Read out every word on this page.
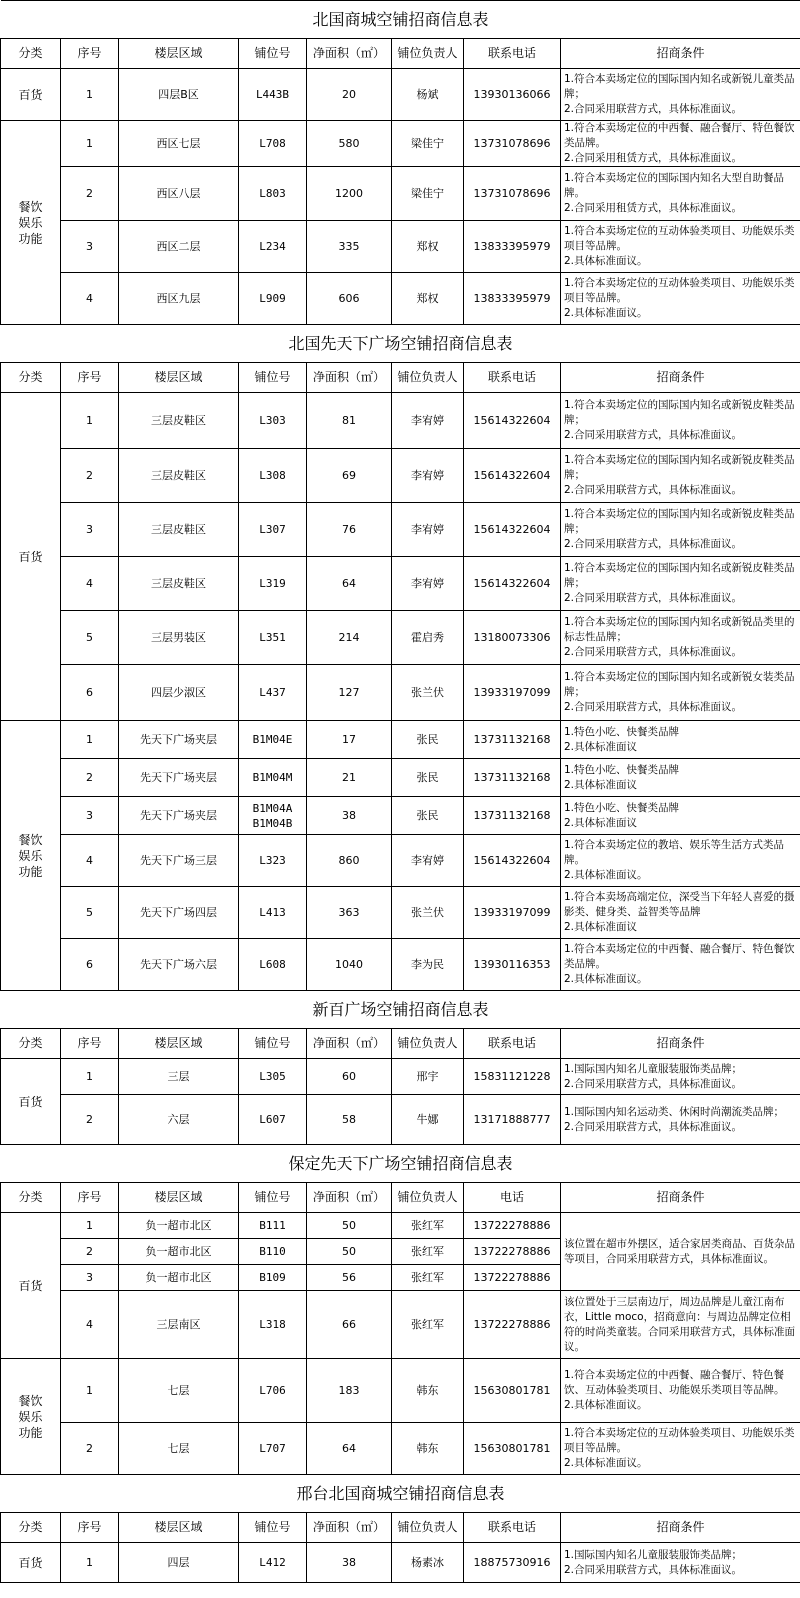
北国商城空铺招商信息表							
分类	序号	楼层区域	铺位号	净面积（㎡）	铺位负责人	联系电话	招商条件
百货	1	四层B区	L443B	20	杨斌	13930136066	1.符合本卖场定位的国际国内知名或新锐儿童类品牌；
2.合同采用联营方式，具体标准面议。
餐饮
娱乐
功能	1	西区七层	L708	580	梁佳宁	13731078696	1.符合本卖场定位的中西餐、融合餐厅、特色餐饮类品牌。
2.合同采用租赁方式，具体标准面议。
	2	西区八层	L803	1200	梁佳宁	13731078696	1.符合本卖场定位的国际国内知名大型自助餐品牌。
2.合同采用租赁方式，具体标准面议。
	3	西区二层	L234	335	郑权	13833395979	1.符合本卖场定位的互动体验类项目、功能娱乐类项目等品牌。
2.具体标准面议。
	4	西区九层	L909	606	郑权	13833395979	1.符合本卖场定位的互动体验类项目、功能娱乐类项目等品牌。
2.具体标准面议。
北国先天下广场空铺招商信息表							
分类	序号	楼层区域	铺位号	净面积（㎡）	铺位负责人	联系电话	招商条件
百货	1	三层皮鞋区	L303	81	李宥婷	15614322604	1.符合本卖场定位的国际国内知名或新锐皮鞋类品牌；
2.合同采用联营方式，具体标准面议。
	2	三层皮鞋区	L308	69	李宥婷	15614322604	1.符合本卖场定位的国际国内知名或新锐皮鞋类品牌；
2.合同采用联营方式，具体标准面议。
	3	三层皮鞋区	L307	76	李宥婷	15614322604	1.符合本卖场定位的国际国内知名或新锐皮鞋类品牌；
2.合同采用联营方式，具体标准面议。
	4	三层皮鞋区	L319	64	李宥婷	15614322604	1.符合本卖场定位的国际国内知名或新锐皮鞋类品牌；
2.合同采用联营方式，具体标准面议。
	5	三层男装区	L351	214	霍启秀	13180073306	1.符合本卖场定位的国际国内知名或新锐品类里的标志性品牌；
2.合同采用联营方式，具体标准面议。
	6	四层少淑区	L437	127	张兰伏	13933197099	1.符合本卖场定位的国际国内知名或新锐女装类品牌；
2.合同采用联营方式，具体标准面议。
餐饮
娱乐
功能	1	先天下广场夹层	B1M04E	17	张民	13731132168	1.特色小吃、快餐类品牌
2.具体标准面议
	2	先天下广场夹层	B1M04M	21	张民	13731132168	1.特色小吃、快餐类品牌
2.具体标准面议
	3	先天下广场夹层	B1M04A
B1M04B	38	张民	13731132168	1.特色小吃、快餐类品牌
2.具体标准面议
	4	先天下广场三层	L323	860	李宥婷	15614322604	1.符合本卖场定位的教培、娱乐等生活方式类品牌。
2.具体标准面议。
	5	先天下广场四层	L413	363	张兰伏	13933197099	1.符合本卖场高端定位，深受当下年轻人喜爱的摄影类、健身类、益智类等品牌
2.具体标准面议
	6	先天下广场六层	L608	1040	李为民	13930116353	1.符合本卖场定位的中西餐、融合餐厅、特色餐饮类品牌。
2.具体标准面议。
新百广场空铺招商信息表							
分类	序号	楼层区域	铺位号	净面积（㎡）	铺位负责人	联系电话	招商条件
百货	1	三层	L305	60	邢宇	15831121228	1.国际国内知名儿童服装服饰类品牌；
2.合同采用联营方式，具体标准面议。
	2	六层	L607	58	牛娜	13171888777	1.国际国内知名运动类、休闲时尚潮流类品牌；
2.合同采用联营方式，具体标准面议。
保定先天下广场空铺招商信息表							
分类	序号	楼层区域	铺位号	净面积（㎡）	铺位负责人	电话	招商条件
百货	1	负一超市北区	B111	50	张红军	13722278886	该位置在超市外摆区，适合家居类商品、百货杂品等项目，合同采用联营方式，具体标准面议。
	2	负一超市北区	B110	50	张红军	13722278886	
	3	负一超市北区	B109	56	张红军	13722278886	
	4	三层南区	L318	66	张红军	13722278886	该位置处于三层南边厅，周边品牌是儿童江南布衣，Little moco，招商意向：与周边品牌定位相符的时尚类童装。合同采用联营方式，具体标准面议。
餐饮
娱乐
功能	1	七层	L706	183	韩东	15630801781	1.符合本卖场定位的中西餐、融合餐厅、特色餐饮、互动体验类项目、功能娱乐类项目等品牌。
2.具体标准面议。
	2	七层	L707	64	韩东	15630801781	1.符合本卖场定位的互动体验类项目、功能娱乐类项目等品牌。
2.具体标准面议。
邢台北国商城空铺招商信息表							
分类	序号	楼层区域	铺位号	净面积（㎡）	铺位负责人	联系电话	招商条件
百货	1	四层	L412	38	杨素冰	18875730916	1.国际国内知名儿童服装服饰类品牌；
2.合同采用联营方式，具体标准面议。
